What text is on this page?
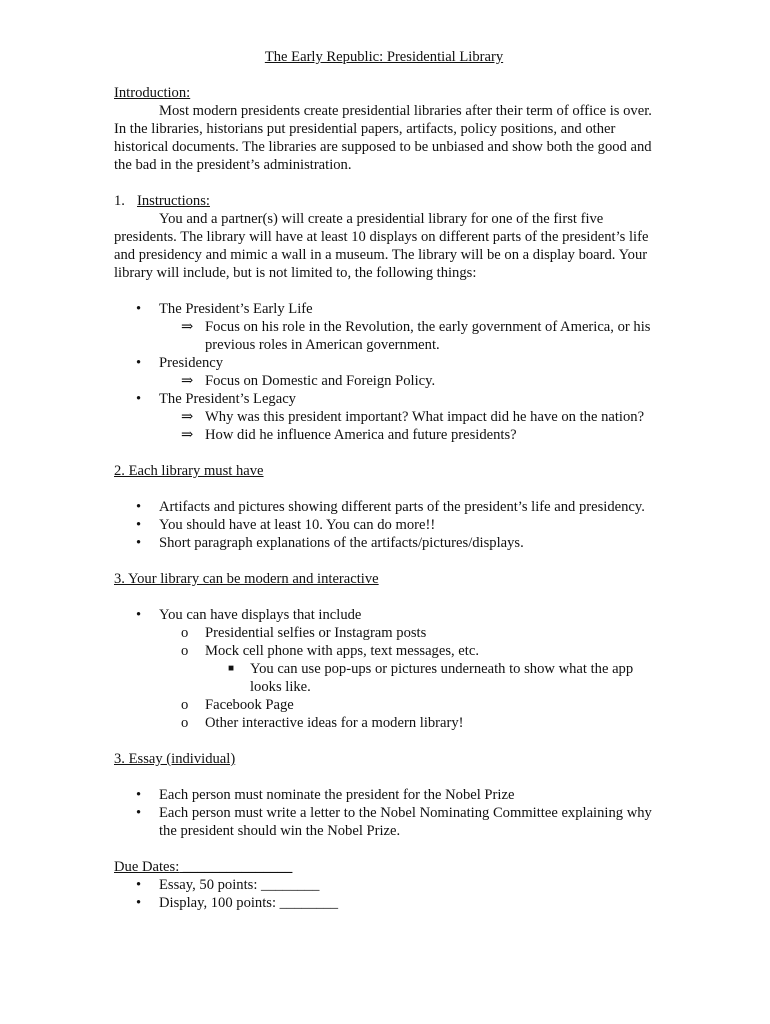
The Early Republic: Presidential Library

Introduction:

Most modern presidents create presidential libraries after their term of office is over. In the libraries, historians put presidential papers, artifacts, policy positions, and other historical documents. The libraries are supposed to be unbiased and show both the good and the bad in the president’s administration.

1. Instructions:

You and a partner(s) will create a presidential library for one of the first five presidents. The library will have at least 10 displays on different parts of the president’s life and presidency and mimic a wall in a museum. The library will be on a display board. Your library will include, but is not limited to, the following things:

• The President’s Early Life
⇒ Focus on his role in the Revolution, the early government of America, or his previous roles in American government.
• Presidency
⇒ Focus on Domestic and Foreign Policy.
• The President’s Legacy
⇒ Why was this president important? What impact did he have on the nation?
⇒ How did he influence America and future presidents?

2. Each library must have

• Artifacts and pictures showing different parts of the president’s life and presidency.
• You should have at least 10. You can do more!!
• Short paragraph explanations of the artifacts/pictures/displays.

3. Your library can be modern and interactive

• You can have displays that include
o Presidential selfies or Instagram posts
o Mock cell phone with apps, text messages, etc.
■ You can use pop-ups or pictures underneath to show what the app looks like.
o Facebook Page
o Other interactive ideas for a modern library!

3. Essay (individual)

• Each person must nominate the president for the Nobel Prize
• Each person must write a letter to the Nobel Nominating Committee explaining why the president should win the Nobel Prize.

Due Dates: _______________

• Essay, 50 points: ________
• Display, 100 points: ________
